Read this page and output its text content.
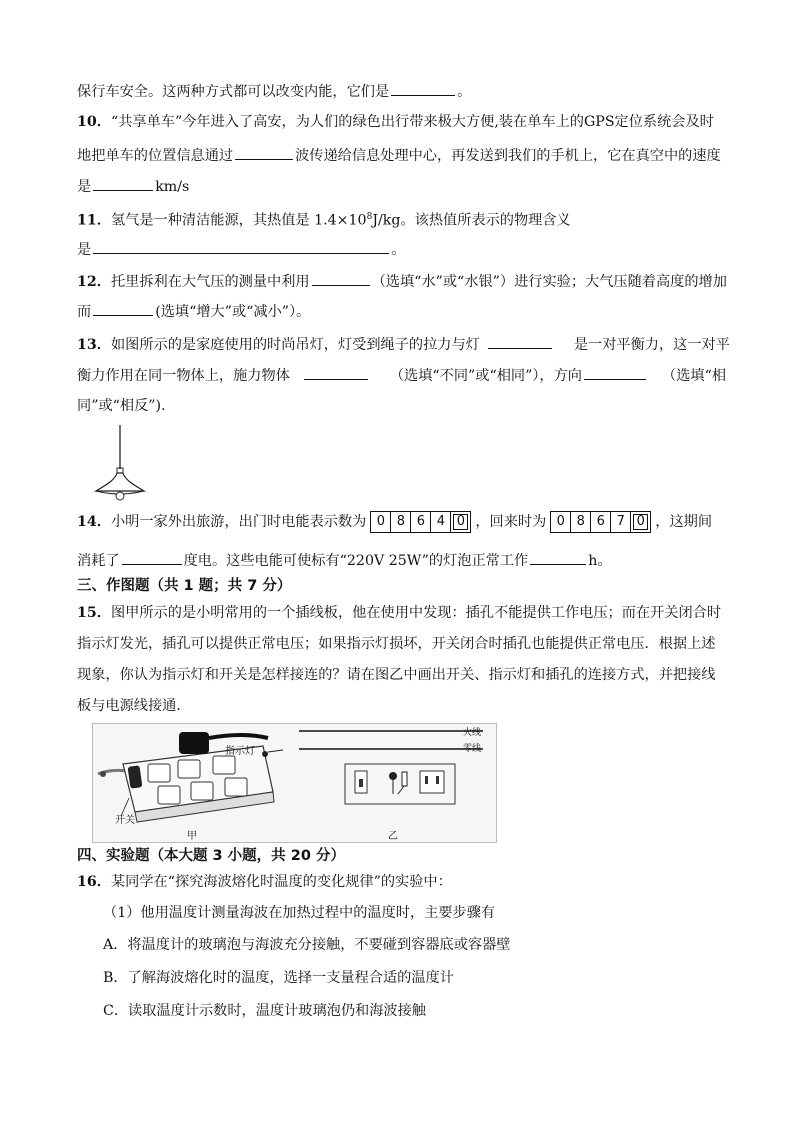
保行车安全。这两种方式都可以改变内能，它们是	。
10．“共享单车”今年进入了高安，为人们的绿色出行带来极大方便,装在单车上的GPS定位系统会及时
地把单车的位置信息通过	波传递给信息处理中心，再发送到我们的手机上，它在真空中的速度
是	km/s
11．氢气是一种清洁能源，其热值是 $1.4\times 10^8J/kg$。该热值所表示的物理含义
是	。
12．托里拆利在大气压的测量中利用	（选填“水”或“水银”）进行实验；大气压随着高度的增加
而	(选填“增大”或“减小”）。
13．如图所示的是家庭使用的时尚吊灯，灯受到绳子的拉力与灯	是一对平衡力，这一对平
衡力作用在同一物体上，施力物体	（选填“不同”或“相同”），方向	（选填“相
同”或“相反”).
14．小明一家外出旅游，出门时电能表示数为 0 8 6 4 0 ，回来时为 0 8 6 7 0 ，这期间
消耗了	度电。这些电能可使标有“220V 25W”的灯泡正常工作	h。
三、作图题（共 1 题；共 7 分）
15．图甲所示的是小明常用的一个插线板，他在使用中发现：插孔不能提供工作电压；而在开关闭合时
指示灯发光，插孔可以提供正常电压；如果指示灯损坏，开关闭合时插孔也能提供正常电压．根据上述
现象，你认为指示灯和开关是怎样接连的？请在图乙中画出开关、指示灯和插孔的连接方式，并把接线
板与电源线接通．
指示灯
开关
甲	乙
火线
零线
四、实验题（本大题 3 小题，共 20 分）
16．某同学在“探究海波熔化时温度的变化规律”的实验中：
（1）他用温度计测量海波在加热过程中的温度时，主要步骤有
A．将温度计的玻璃泡与海波充分接触，不要碰到容器底或容器壁
B．了解海波熔化时的温度，选择一支量程合适的温度计
C．读取温度计示数时，温度计玻璃泡仍和海波接触
